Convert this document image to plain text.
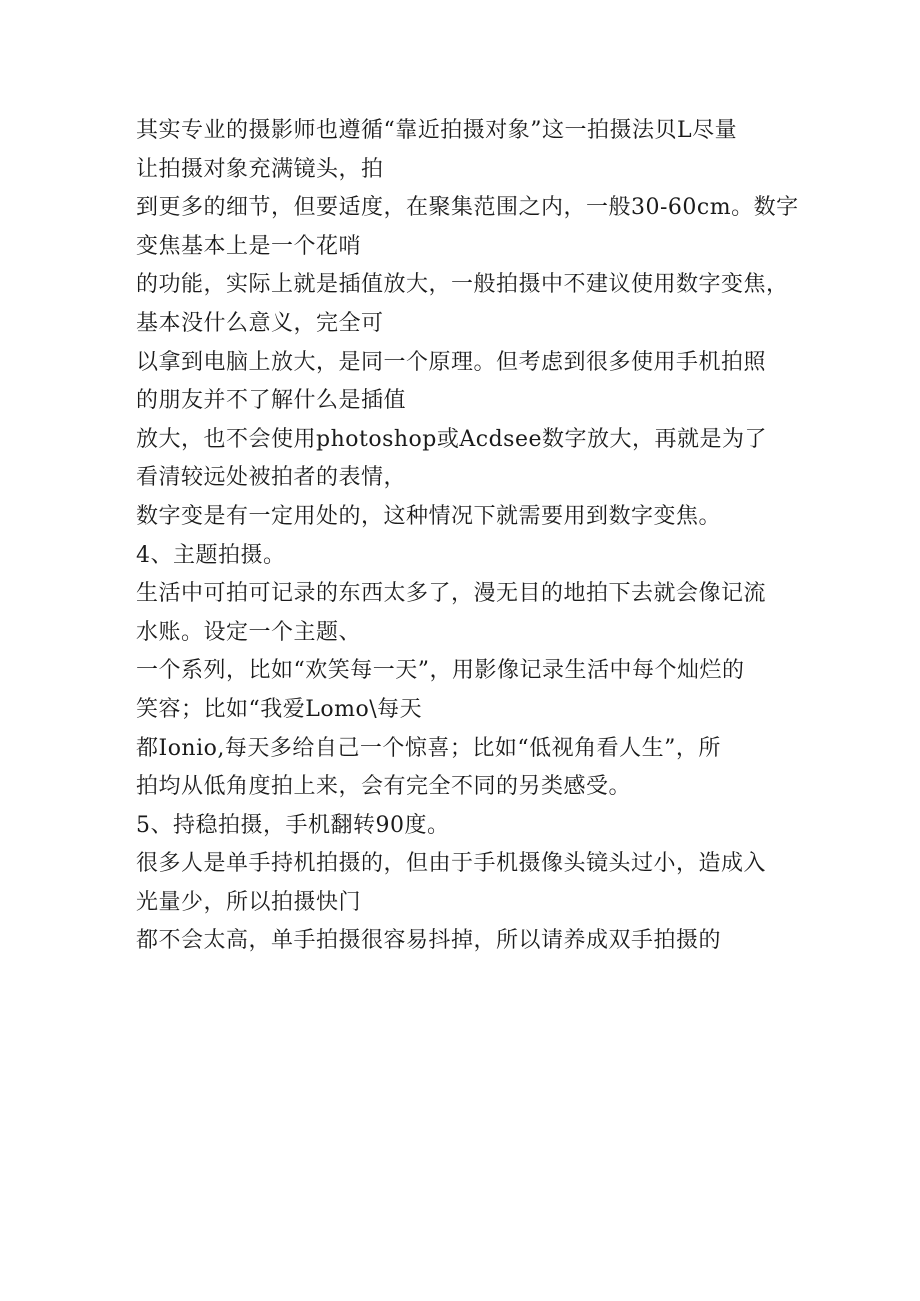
其实专业的摄影师也遵循“靠近拍摄对象”这一拍摄法贝L尽量
让拍摄对象充满镜头，拍
到更多的细节，但要适度，在聚集范围之内，一般30-60cm。数字
变焦基本上是一个花哨
的功能，实际上就是插值放大，一般拍摄中不建议使用数字变焦，
基本没什么意义，完全可
以拿到电脑上放大，是同一个原理。但考虑到很多使用手机拍照
的朋友并不了解什么是插值
放大，也不会使用photoshop或Acdsee数字放大，再就是为了
看清较远处被拍者的表情，
数字变是有一定用处的，这种情况下就需要用到数字变焦。
4、主题拍摄。
生活中可拍可记录的东西太多了，漫无目的地拍下去就会像记流
水账。设定一个主题、
一个系列，比如“欢笑每一天”，用影像记录生活中每个灿烂的
笑容；比如“我爱Lomo\每天
都Ionio,每天多给自己一个惊喜；比如“低视角看人生”，所
拍均从低角度拍上来，会有完全不同的另类感受。
5、持稳拍摄，手机翻转90度。
很多人是单手持机拍摄的，但由于手机摄像头镜头过小，造成入
光量少，所以拍摄快门
都不会太高，单手拍摄很容易抖掉，所以请养成双手拍摄的
